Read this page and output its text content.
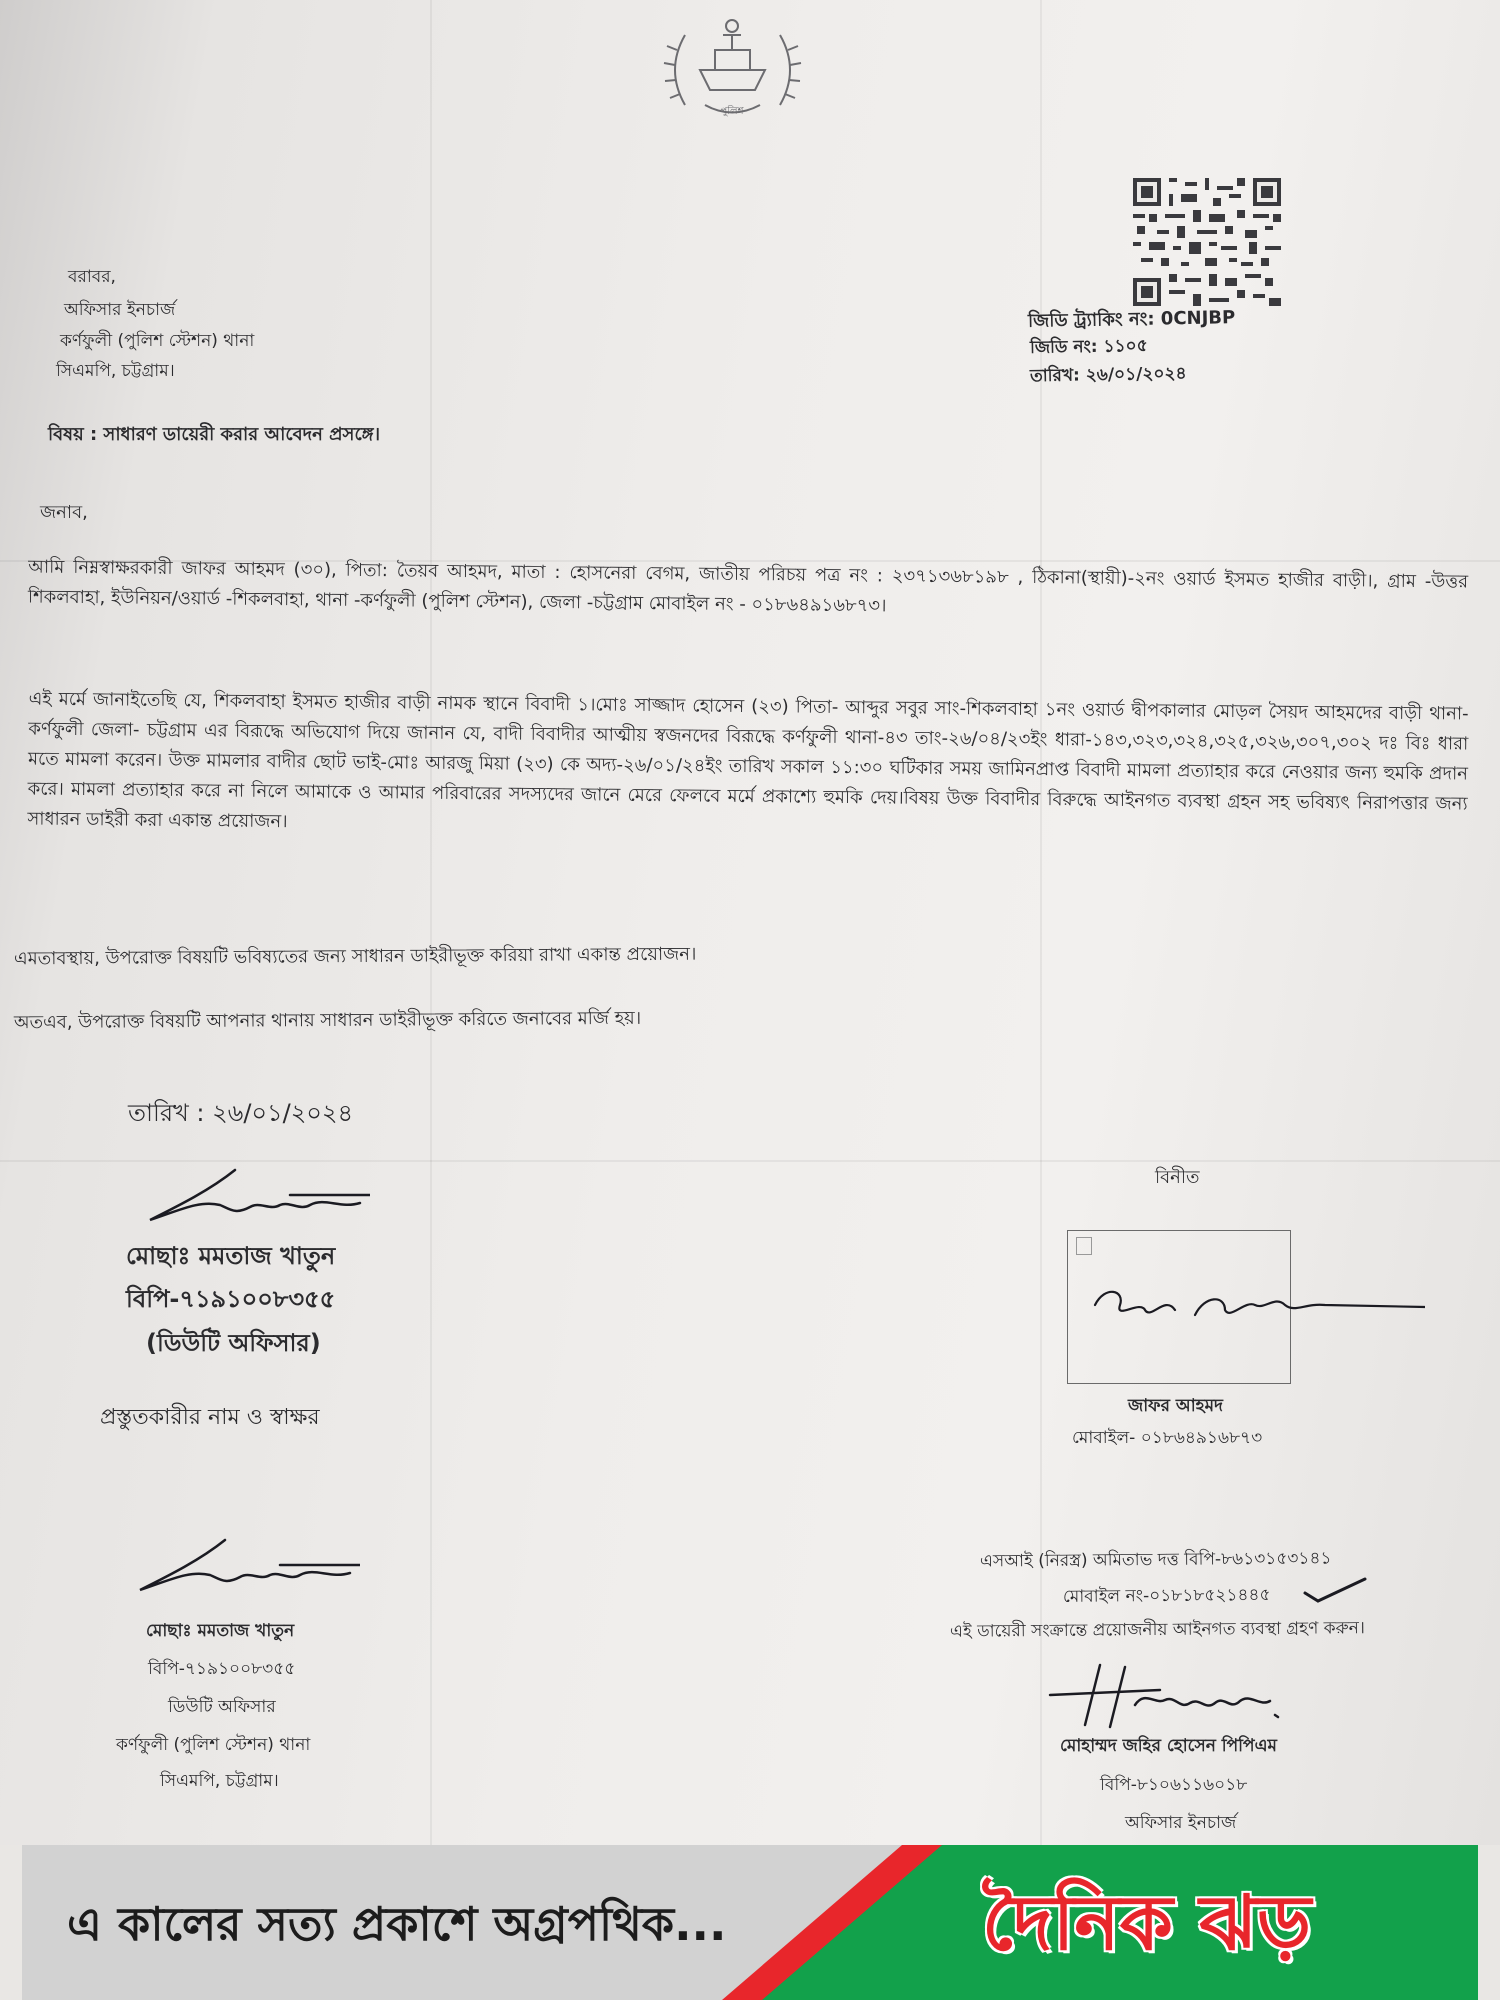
পুলিশ
জিডি ট্র্যাকিং নং: 0CNJBP
জিডি নং: ১১০৫
তারিখ: ২৬/০১/২০২৪
বরাবর,
অফিসার ইনচার্জ
কর্ণফুলী (পুলিশ স্টেশন) থানা
সিএমপি, চট্টগ্রাম।
বিষয় : সাধারণ ডায়েরী করার আবেদন প্রসঙ্গে।
জনাব,
আমি নিম্নস্বাক্ষরকারী জাফর আহমদ (৩০), পিতা: তৈয়ব আহমদ, মাতা : হোসনেরা বেগম, জাতীয় পরিচয় পত্র নং : ২৩৭১৩৬৮১৯৮ , ঠিকানা(স্থায়ী)-২নং ওয়ার্ড ইসমত হাজীর বাড়ী।, গ্রাম -উত্তর শিকলবাহা, ইউনিয়ন/ওয়ার্ড -শিকলবাহা, থানা -কর্ণফুলী (পুলিশ স্টেশন), জেলা -চট্টগ্রাম মোবাইল নং - ০১৮৬৪৯১৬৮৭৩।
এই মর্মে জানাইতেছি যে, শিকলবাহা ইসমত হাজীর বাড়ী নামক স্থানে বিবাদী ১।মোঃ সাজ্জাদ হোসেন (২৩) পিতা- আব্দুর সবুর সাং-শিকলবাহা ১নং ওয়ার্ড দ্বীপকালার মোড়ল সৈয়দ আহমদের বাড়ী থানা-কর্ণফুলী জেলা- চট্টগ্রাম এর বিরূদ্ধে অভিযোগ দিয়ে জানান যে, বাদী বিবাদীর আত্মীয় স্বজনদের বিরূদ্ধে কর্ণফুলী থানা-৪৩ তাং-২৬/০৪/২৩ইং ধারা-১৪৩,৩২৩,৩২৪,৩২৫,৩২৬,৩০৭,৩০২ দঃ বিঃ ধারা মতে মামলা করেন। উক্ত মামলার বাদীর ছোট ভাই-মোঃ আরজু মিয়া (২৩) কে অদ্য-২৬/০১/২৪ইং তারিখ সকাল ১১:৩০ ঘটিকার সময় জামিনপ্রাপ্ত বিবাদী মামলা প্রত্যাহার করে নেওয়ার জন্য হুমকি প্রদান করে। মামলা প্রত্যাহার করে না নিলে আমাকে ও আমার পরিবারের সদস্যদের জানে মেরে ফেলবে মর্মে প্রকাশ্যে হুমকি দেয়।বিষয় উক্ত বিবাদীর বিরুদ্ধে আইনগত ব্যবস্থা গ্রহন সহ ভবিষ্যৎ নিরাপত্তার জন্য সাধারন ডাইরী করা একান্ত প্রয়োজন।
এমতাবস্থায়, উপরোক্ত বিষয়টি ভবিষ্যতের জন্য সাধারন ডাইরীভূক্ত করিয়া রাখা একান্ত প্রয়োজন।
অতএব, উপরোক্ত বিষয়টি আপনার থানায় সাধারন ডাইরীভূক্ত করিতে জনাবের মর্জি হয়।
তারিখ : ২৬/০১/২০২৪
মোছাঃ মমতাজ খাতুন
বিপি-৭১৯১০০৮৩৫৫
(ডিউটি অফিসার)
প্রস্তুতকারীর নাম ও স্বাক্ষর
বিনীত
জাফর আহমদ
মোবাইল- ০১৮৬৪৯১৬৮৭৩
মোছাঃ মমতাজ খাতুন
বিপি-৭১৯১০০৮৩৫৫
ডিউটি অফিসার
কর্ণফুলী (পুলিশ স্টেশন) থানা
সিএমপি, চট্টগ্রাম।
এসআই (নিরস্ত্র) অমিতাভ দত্ত বিপি-৮৬১৩১৫৩১৪১
মোবাইল নং-০১৮১৮৫২১৪৪৫
এই ডায়েরী সংক্রান্তে প্রয়োজনীয় আইনগত ব্যবস্থা গ্রহণ করুন।
মোহাম্মদ জহির হোসেন পিপিএম
বিপি-৮১০৬১১৬০১৮
অফিসার ইনচার্জ
এ কালের সত্য প্রকাশে অগ্রপথিক...	দৈনিক ঝড়
